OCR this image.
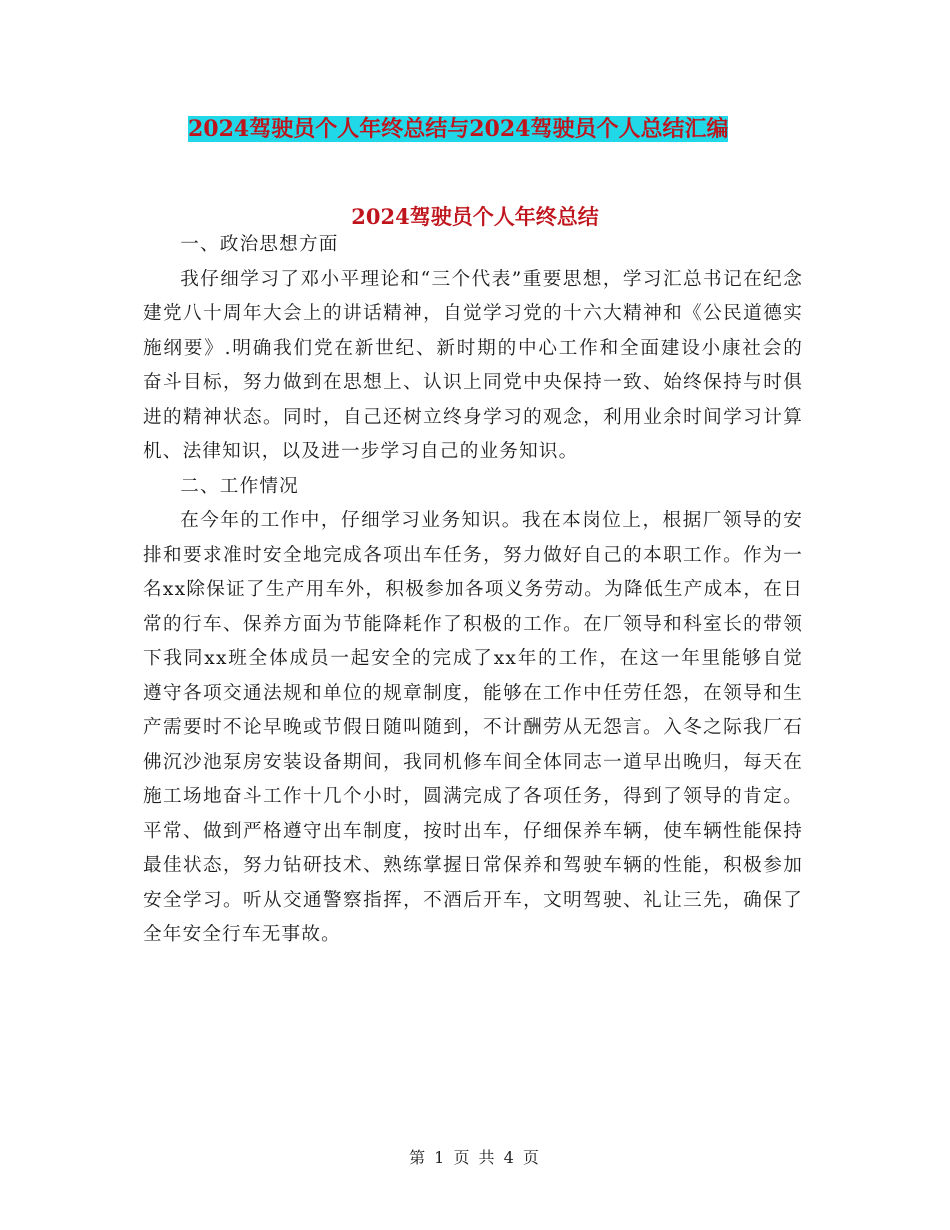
2024驾驶员个人年终总结与2024驾驶员个人总结汇编
2024驾驶员个人年终总结

一、政治思想方面

我仔细学习了邓小平理论和“三个代表”重要思想，学习汇总书记在纪念建党八十周年大会上的讲话精神，自觉学习党的十六大精神和《公民道德实施纲要》.明确我们党在新世纪、新时期的中心工作和全面建设小康社会的奋斗目标，努力做到在思想上、认识上同党中央保持一致、始终保持与时俱进的精神状态。同时，自己还树立终身学习的观念，利用业余时间学习计算机、法律知识，以及进一步学习自己的业务知识。

二、工作情况

在今年的工作中，仔细学习业务知识。我在本岗位上，根据厂领导的安排和要求准时安全地完成各项出车任务，努力做好自己的本职工作。作为一名xx除保证了生产用车外，积极参加各项义务劳动。为降低生产成本，在日常的行车、保养方面为节能降耗作了积极的工作。在厂领导和科室长的带领下我同xx班全体成员一起安全的完成了xx年的工作，在这一年里能够自觉遵守各项交通法规和单位的规章制度，能够在工作中任劳任怨，在领导和生产需要时不论早晚或节假日随叫随到，不计酬劳从无怨言。入冬之际我厂石佛沉沙池泵房安装设备期间，我同机修车间全体同志一道早出晚归，每天在施工场地奋斗工作十几个小时，圆满完成了各项任务，得到了领导的肯定。平常、做到严格遵守出车制度，按时出车，仔细保养车辆，使车辆性能保持最佳状态，努力钻研技术、熟练掌握日常保养和驾驶车辆的性能，积极参加安全学习。听从交通警察指挥，不酒后开车，文明驾驶、礼让三先，确保了全年安全行车无事故。

第 1 页 共 4 页
